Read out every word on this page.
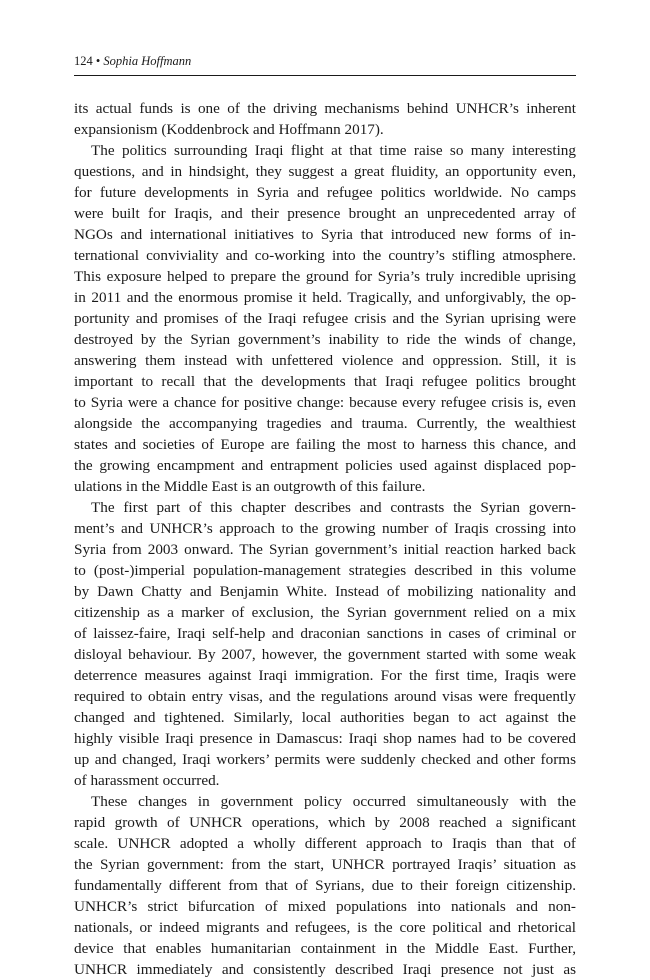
124 • Sophia Hoffmann
its actual funds is one of the driving mechanisms behind UNHCR’s inherent
expansionism (Koddenbrock and Hoffmann 2017).
The politics surrounding Iraqi flight at that time raise so many interesting
questions, and in hindsight, they suggest a great fluidity, an opportunity even,
for future developments in Syria and refugee politics worldwide. No camps
were built for Iraqis, and their presence brought an unprecedented array of
NGOs and international initiatives to Syria that introduced new forms of in-
ternational conviviality and co-working into the country’s stifling atmosphere.
This exposure helped to prepare the ground for Syria’s truly incredible uprising
in 2011 and the enormous promise it held. Tragically, and unforgivably, the op-
portunity and promises of the Iraqi refugee crisis and the Syrian uprising were
destroyed by the Syrian government’s inability to ride the winds of change,
answering them instead with unfettered violence and oppression. Still, it is
important to recall that the developments that Iraqi refugee politics brought
to Syria were a chance for positive change: because every refugee crisis is, even
alongside the accompanying tragedies and trauma. Currently, the wealthiest
states and societies of Europe are failing the most to harness this chance, and
the growing encampment and entrapment policies used against displaced pop-
ulations in the Middle East is an outgrowth of this failure.
The first part of this chapter describes and contrasts the Syrian govern-
ment’s and UNHCR’s approach to the growing number of Iraqis crossing into
Syria from 2003 onward. The Syrian government’s initial reaction harked back
to (post-)imperial population-management strategies described in this volume
by Dawn Chatty and Benjamin White. Instead of mobilizing nationality and
citizenship as a marker of exclusion, the Syrian government relied on a mix
of laissez-faire, Iraqi self-help and draconian sanctions in cases of criminal or
disloyal behaviour. By 2007, however, the government started with some weak
deterrence measures against Iraqi immigration. For the first time, Iraqis were
required to obtain entry visas, and the regulations around visas were frequently
changed and tightened. Similarly, local authorities began to act against the
highly visible Iraqi presence in Damascus: Iraqi shop names had to be covered
up and changed, Iraqi workers’ permits were suddenly checked and other forms
of harassment occurred.
These changes in government policy occurred simultaneously with the
rapid growth of UNHCR operations, which by 2008 reached a significant
scale. UNHCR adopted a wholly different approach to Iraqis than that of
the Syrian government: from the start, UNHCR portrayed Iraqis’ situation as
fundamentally different from that of Syrians, due to their foreign citizenship.
UNHCR’s strict bifurcation of mixed populations into nationals and non-
nationals, or indeed migrants and refugees, is the core political and rhetorical
device that enables humanitarian containment in the Middle East. Further,
UNHCR immediately and consistently described Iraqi presence not just as
